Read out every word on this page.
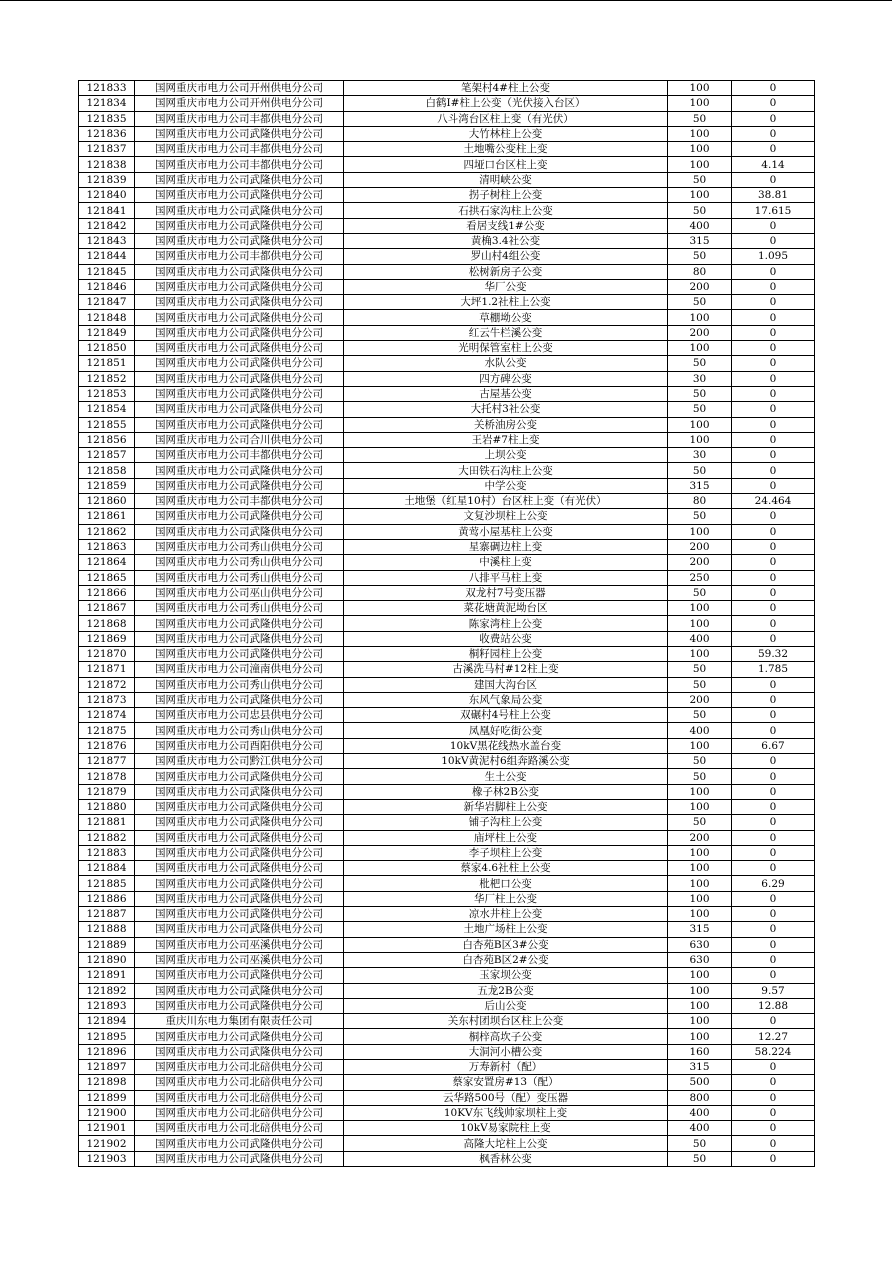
121833	国网重庆市电力公司开州供电分公司	笔架村4#柱上公变	100	0
121834	国网重庆市电力公司开州供电分公司	白鹤I#柱上公变（光伏接入台区）	100	0
121835	国网重庆市电力公司丰都供电分公司	八斗湾台区柱上变（有光伏）	50	0
121836	国网重庆市电力公司武隆供电分公司	大竹林柱上公变	100	0
121837	国网重庆市电力公司丰都供电分公司	土地嘴公变柱上变	100	0
121838	国网重庆市电力公司丰都供电分公司	四垭口台区柱上变	100	4.14
121839	国网重庆市电力公司武隆供电分公司	清明峡公变	50	0
121840	国网重庆市电力公司武隆供电分公司	拐子树柱上公变	100	38.81
121841	国网重庆市电力公司武隆供电分公司	石拱石家沟柱上公变	50	17.615
121842	国网重庆市电力公司武隆供电分公司	看居支线1#公变	400	0
121843	国网重庆市电力公司武隆供电分公司	黄桷3.4社公变	315	0
121844	国网重庆市电力公司丰都供电分公司	罗山村4组公变	50	1.095
121845	国网重庆市电力公司武隆供电分公司	松树新房子公变	80	0
121846	国网重庆市电力公司武隆供电分公司	华厂公变	200	0
121847	国网重庆市电力公司武隆供电分公司	大坪1.2社柱上公变	50	0
121848	国网重庆市电力公司武隆供电分公司	草棚坳公变	100	0
121849	国网重庆市电力公司武隆供电分公司	红云牛栏溪公变	200	0
121850	国网重庆市电力公司武隆供电分公司	光明保管室柱上公变	100	0
121851	国网重庆市电力公司武隆供电分公司	水队公变	50	0
121852	国网重庆市电力公司武隆供电分公司	四方碑公变	30	0
121853	国网重庆市电力公司武隆供电分公司	古屋基公变	50	0
121854	国网重庆市电力公司武隆供电分公司	大托村3社公变	50	0
121855	国网重庆市电力公司武隆供电分公司	关桥油房公变	100	0
121856	国网重庆市电力公司合川供电分公司	王岩#7柱上变	100	0
121857	国网重庆市电力公司丰都供电分公司	上坝公变	30	0
121858	国网重庆市电力公司武隆供电分公司	大田铁石沟柱上公变	50	0
121859	国网重庆市电力公司武隆供电分公司	中学公变	315	0
121860	国网重庆市电力公司丰都供电分公司	土地堡（红星10村）台区柱上变（有光伏）	80	24.464
121861	国网重庆市电力公司武隆供电分公司	文复沙坝柱上公变	50	0
121862	国网重庆市电力公司武隆供电分公司	黄莺小屋基柱上公变	100	0
121863	国网重庆市电力公司秀山供电分公司	星寨碉边柱上变	200	0
121864	国网重庆市电力公司秀山供电分公司	中溪柱上变	200	0
121865	国网重庆市电力公司秀山供电分公司	八排平马柱上变	250	0
121866	国网重庆市电力公司巫山供电分公司	双龙村7号变压器	50	0
121867	国网重庆市电力公司秀山供电分公司	菜花塘黄泥坳台区	100	0
121868	国网重庆市电力公司武隆供电分公司	陈家湾柱上公变	100	0
121869	国网重庆市电力公司武隆供电分公司	收费站公变	400	0
121870	国网重庆市电力公司武隆供电分公司	桐籽园柱上公变	100	59.32
121871	国网重庆市电力公司潼南供电分公司	古溪洗马村#12柱上变	50	1.785
121872	国网重庆市电力公司秀山供电分公司	建国大沟台区	50	0
121873	国网重庆市电力公司武隆供电分公司	东风气象局公变	200	0
121874	国网重庆市电力公司忠县供电分公司	双碾村4号柱上公变	50	0
121875	国网重庆市电力公司秀山供电分公司	凤凰好吃街公变	400	0
121876	国网重庆市电力公司酉阳供电分公司	10kV黑花线热水盖台变	100	6.67
121877	国网重庆市电力公司黔江供电分公司	10kV黄泥村6组奔路溪公变	50	0
121878	国网重庆市电力公司武隆供电分公司	生土公变	50	0
121879	国网重庆市电力公司武隆供电分公司	橡子林2B公变	100	0
121880	国网重庆市电力公司武隆供电分公司	新华岩脚柱上公变	100	0
121881	国网重庆市电力公司武隆供电分公司	铺子沟柱上公变	50	0
121882	国网重庆市电力公司武隆供电分公司	庙坪柱上公变	200	0
121883	国网重庆市电力公司武隆供电分公司	李子坝柱上公变	100	0
121884	国网重庆市电力公司武隆供电分公司	蔡家4.6社柱上公变	100	0
121885	国网重庆市电力公司武隆供电分公司	枇杷口公变	100	6.29
121886	国网重庆市电力公司武隆供电分公司	华厂柱上公变	100	0
121887	国网重庆市电力公司武隆供电分公司	凉水井柱上公变	100	0
121888	国网重庆市电力公司武隆供电分公司	土地广场柱上公变	315	0
121889	国网重庆市电力公司巫溪供电分公司	白杏苑B区3#公变	630	0
121890	国网重庆市电力公司巫溪供电分公司	白杏苑B区2#公变	630	0
121891	国网重庆市电力公司武隆供电分公司	玉家坝公变	100	0
121892	国网重庆市电力公司武隆供电分公司	五龙2B公变	100	9.57
121893	国网重庆市电力公司武隆供电分公司	后山公变	100	12.88
121894	重庆川东电力集团有限责任公司	关东村团坝台区柱上公变	100	0
121895	国网重庆市电力公司武隆供电分公司	桐梓高坎子公变	100	12.27
121896	国网重庆市电力公司武隆供电分公司	大洞河小槽公变	160	58.224
121897	国网重庆市电力公司北碚供电分公司	万寿新村（配）	315	0
121898	国网重庆市电力公司北碚供电分公司	蔡家安置房#13（配）	500	0
121899	国网重庆市电力公司北碚供电分公司	云华路500号（配）变压器	800	0
121900	国网重庆市电力公司北碚供电分公司	10KV东飞线帅家坝柱上变	400	0
121901	国网重庆市电力公司北碚供电分公司	10kV易家院柱上变	400	0
121902	国网重庆市电力公司武隆供电分公司	高隆大坨柱上公变	50	0
121903	国网重庆市电力公司武隆供电分公司	枫香林公变	50	0
